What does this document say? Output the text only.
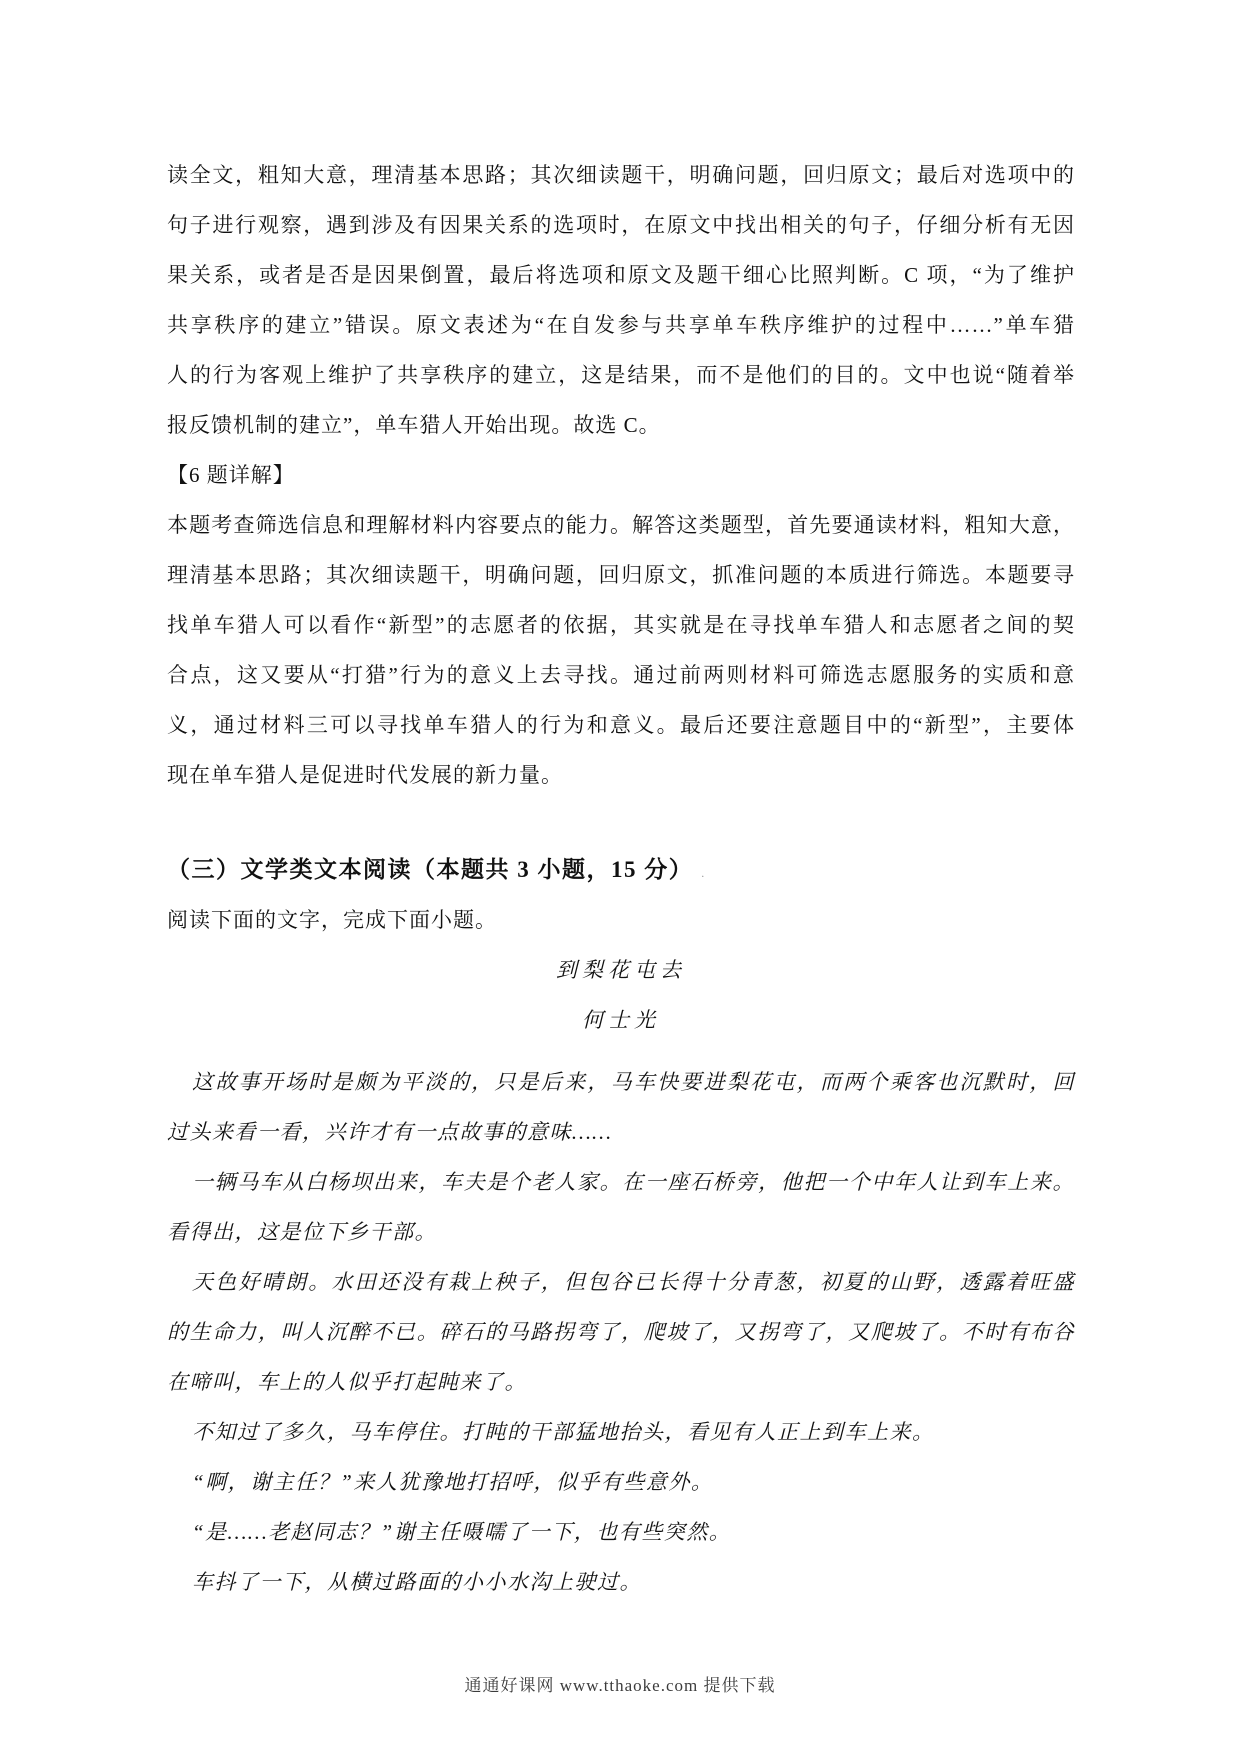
读全文，粗知大意，理清基本思路；其次细读题干，明确问题，回归原文；最后对选项中的
句子进行观察，遇到涉及有因果关系的选项时，在原文中找出相关的句子，仔细分析有无因
果关系，或者是否是因果倒置，最后将选项和原文及题干细心比照判断。C 项，“为了维护
共享秩序的建立”错误。原文表述为“在自发参与共享单车秩序维护的过程中……”单车猎
人的行为客观上维护了共享秩序的建立，这是结果，而不是他们的目的。文中也说“随着举
报反馈机制的建立”，单车猎人开始出现。故选 C。
【6 题详解】
本题考查筛选信息和理解材料内容要点的能力。解答这类题型，首先要通读材料，粗知大意，
理清基本思路；其次细读题干，明确问题，回归原文，抓准问题的本质进行筛选。本题要寻
找单车猎人可以看作“新型”的志愿者的依据，其实就是在寻找单车猎人和志愿者之间的契
合点，这又要从“打猎”行为的意义上去寻找。通过前两则材料可筛选志愿服务的实质和意
义，通过材料三可以寻找单车猎人的行为和意义。最后还要注意题目中的“新型”，主要体
现在单车猎人是促进时代发展的新力量。
（三）文学类文本阅读（本题共 3 小题，15 分） .
阅读下面的文字，完成下面小题。
到梨花屯去
何士光
这故事开场时是颇为平淡的，只是后来，马车快要进梨花屯，而两个乘客也沉默时，回
过头来看一看，兴许才有一点故事的意味……
一辆马车从白杨坝出来，车夫是个老人家。在一座石桥旁，他把一个中年人让到车上来。
看得出，这是位下乡干部。
天色好晴朗。水田还没有栽上秧子，但包谷已长得十分青葱，初夏的山野，透露着旺盛
的生命力，叫人沉醉不已。碎石的马路拐弯了，爬坡了，又拐弯了，又爬坡了。不时有布谷
在啼叫，车上的人似乎打起盹来了。
不知过了多久，马车停住。打盹的干部猛地抬头，看见有人正上到车上来。
“啊，谢主任？”来人犹豫地打招呼，似乎有些意外。
“是……老赵同志？”谢主任嗫嚅了一下，也有些突然。
车抖了一下，从横过路面的小小水沟上驶过。
通通好课网 www.tthaoke.com 提供下载
